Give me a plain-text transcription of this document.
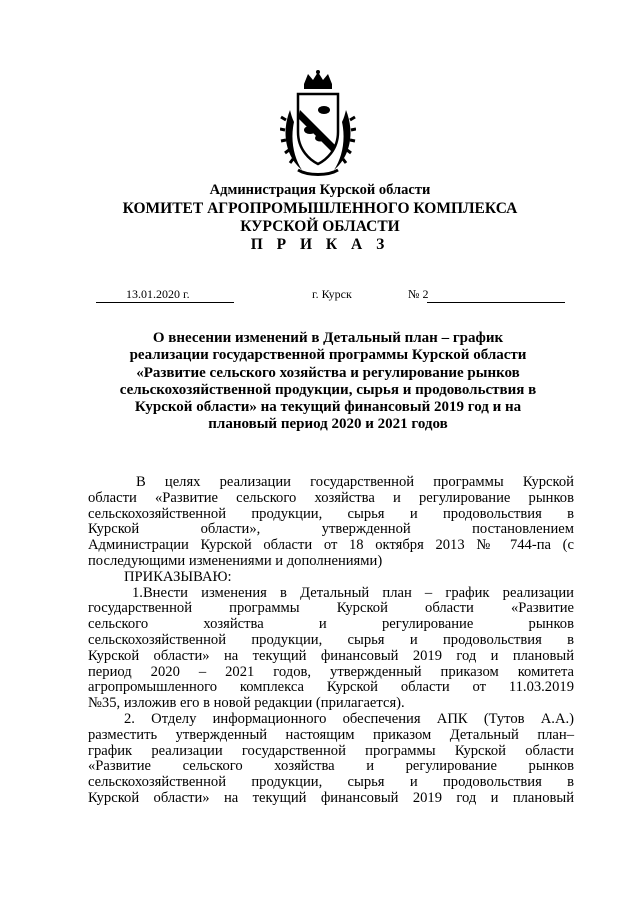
Администрация Курской области
КОМИТЕТ АГРОПРОМЫШЛЕННОГО КОМПЛЕКСА
КУРСКОЙ ОБЛАСТИ
П Р И К А З
13.01.2020 г.	г. Курск	№ 2

О внесении изменений в Детальный план – график
реализации государственной программы Курской области
«Развитие сельского хозяйства и регулирование рынков
сельскохозяйственной продукции, сырья и продовольствия в
Курской области» на текущий финансовый 2019 год и на
плановый период 2020 и 2021 годов
В целях реализации государственной программы Курской
области «Развитие сельского хозяйства и регулирование рынков
сельскохозяйственной продукции, сырья и продовольствия в
Курской области», утвержденной постановлением
Администрации Курской области от 18 октября 2013 № 744-па (с
последующими изменениями и дополнениями)
ПРИКАЗЫВАЮ:
1.Внести изменения в Детальный план – график реализации
государственной программы Курской области «Развитие
сельского хозяйства и регулирование рынков
сельскохозяйственной продукции, сырья и продовольствия в
Курской области» на текущий финансовый 2019 год и плановый
период 2020 – 2021 годов, утвержденный приказом комитета
агропромышленного комплекса Курской области от 11.03.2019
№35, изложив его в новой редакции (прилагается).
2. Отделу информационного обеспечения АПК (Тутов А.А.)
разместить утвержденный настоящим приказом Детальный план–
график реализации государственной программы Курской области
«Развитие сельского хозяйства и регулирование рынков
сельскохозяйственной продукции, сырья и продовольствия в
Курской области» на текущий финансовый 2019 год и плановый
